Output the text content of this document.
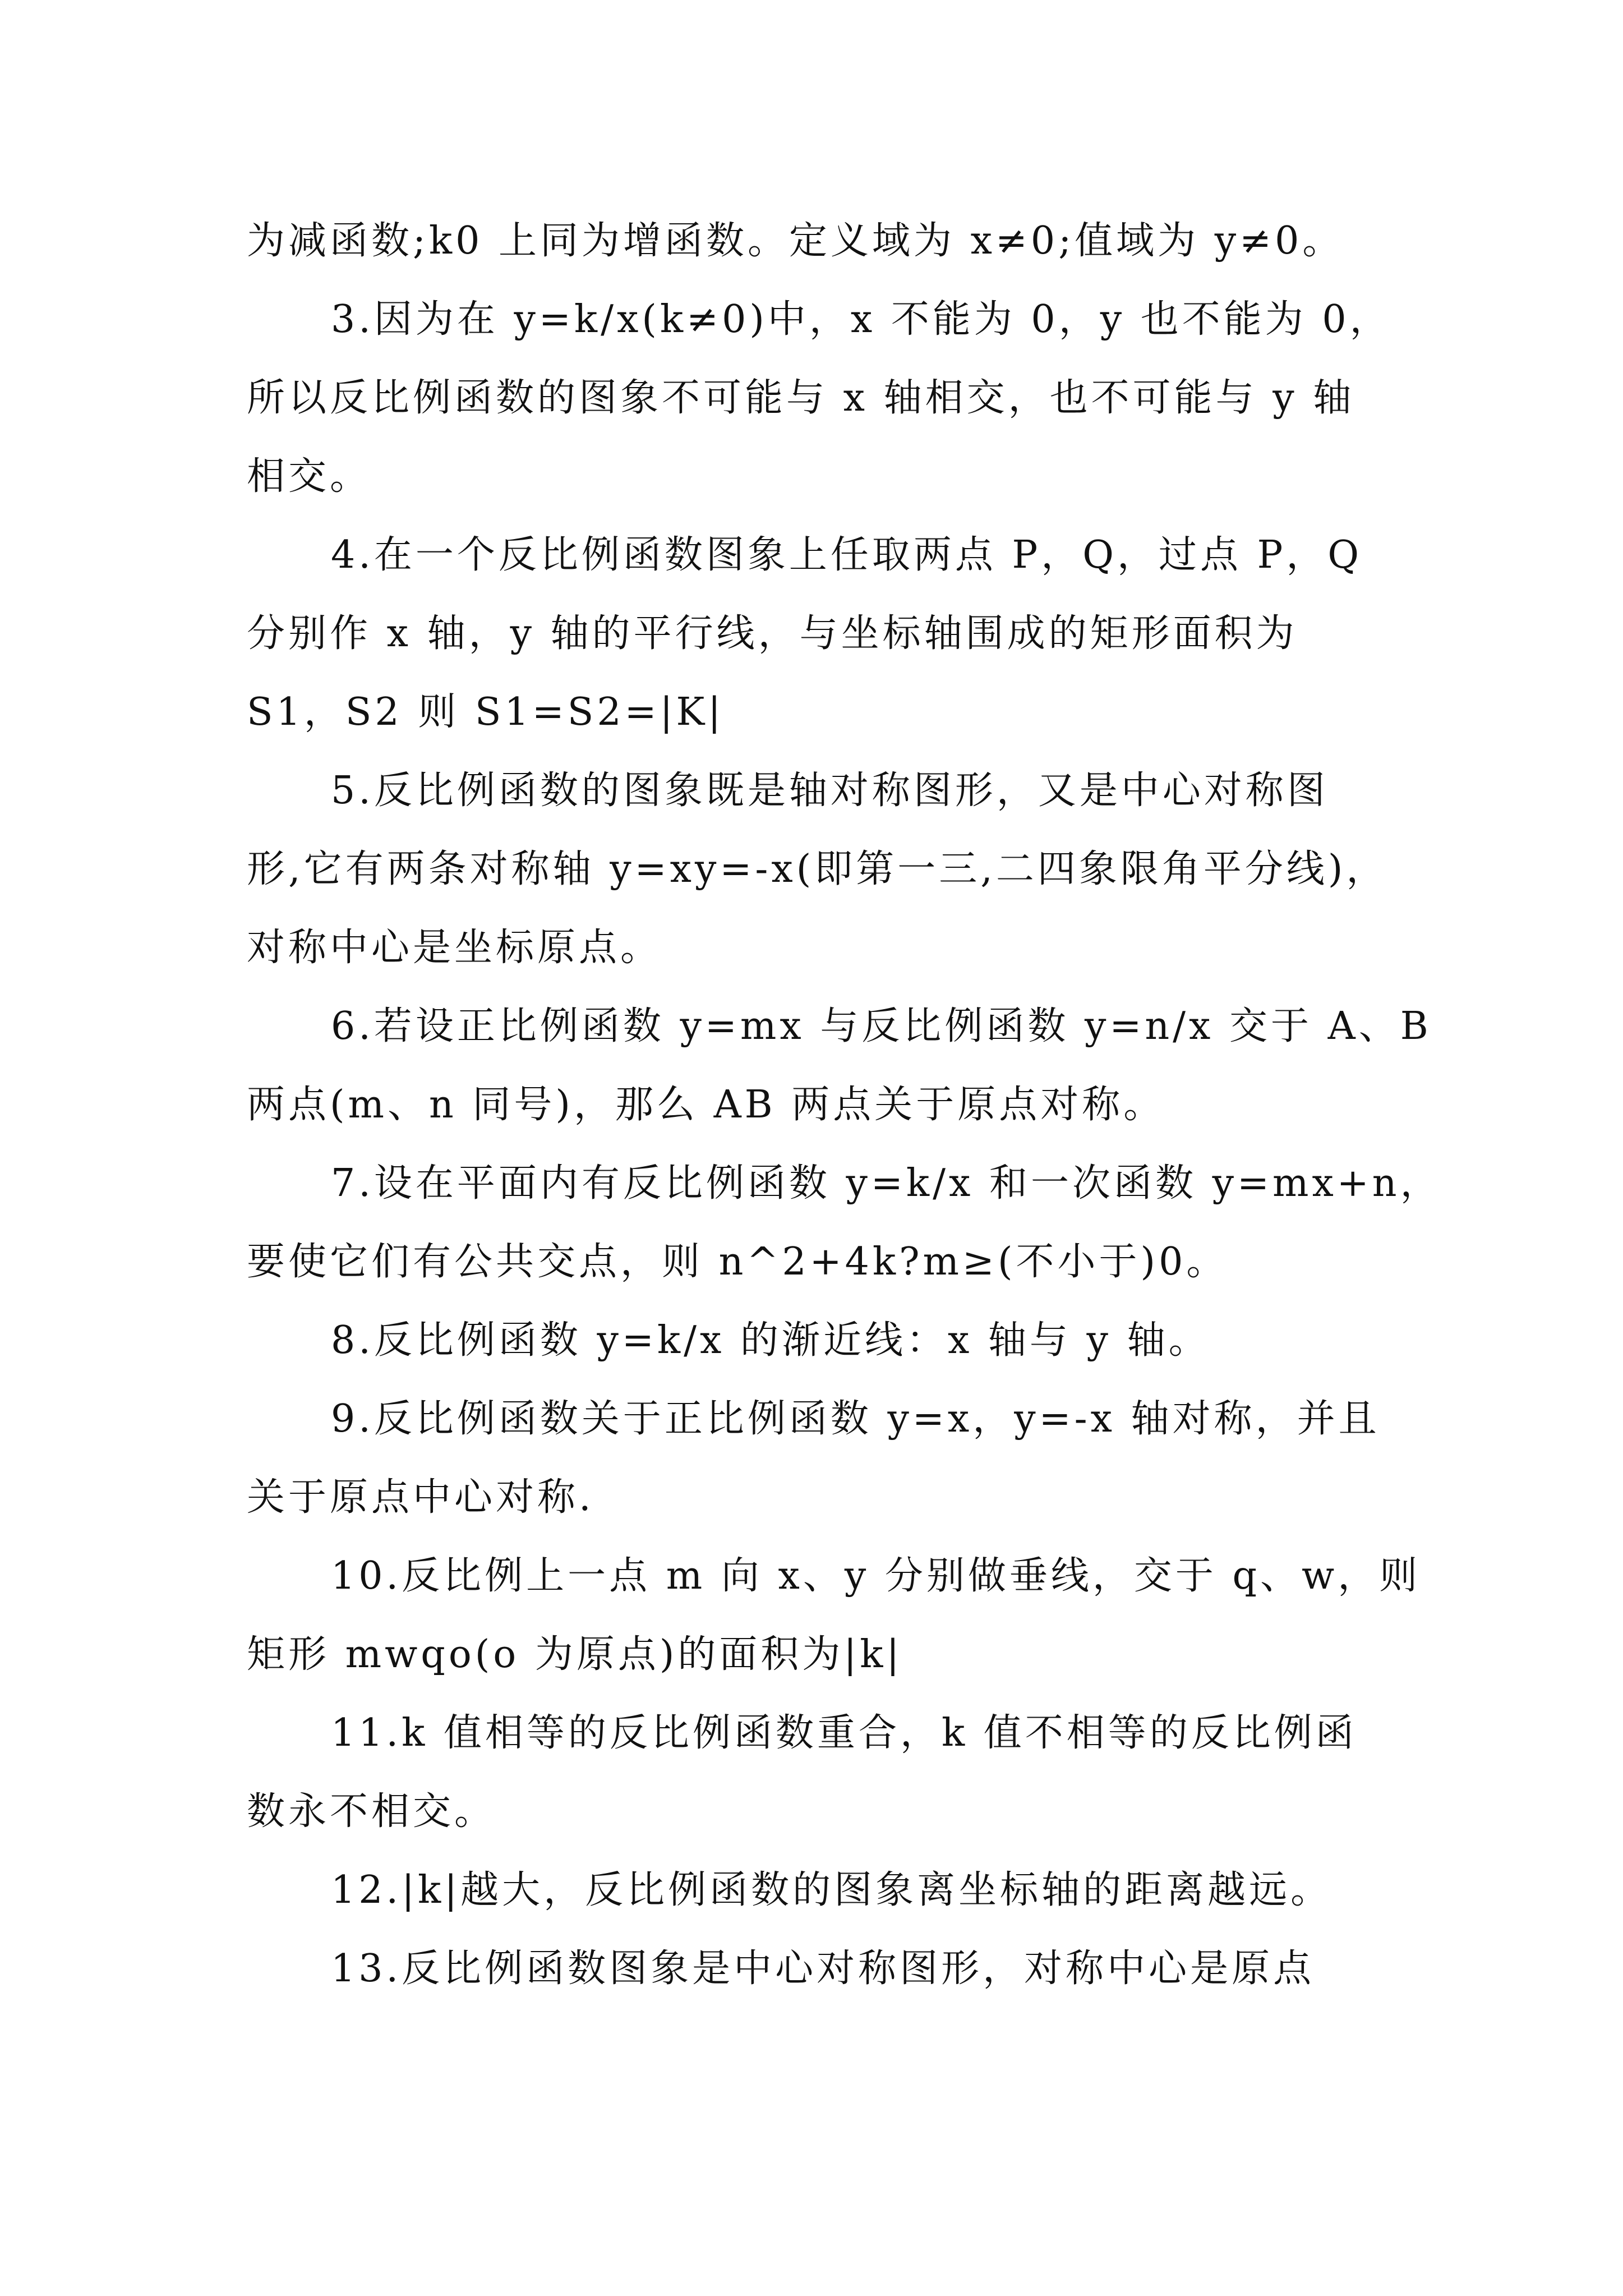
为减函数;k0 上同为增函数。定义域为 x≠0;值域为 y≠0。
3.因为在 y=k/x(k≠0)中，x 不能为 0，y 也不能为 0，
所以反比例函数的图象不可能与 x 轴相交，也不可能与 y 轴
相交。
4.在一个反比例函数图象上任取两点 P，Q，过点 P，Q
分别作 x 轴，y 轴的平行线，与坐标轴围成的矩形面积为
S1，S2 则 S1=S2=|K|
5.反比例函数的图象既是轴对称图形，又是中心对称图
形,它有两条对称轴 y=xy=-x(即第一三,二四象限角平分线)，
对称中心是坐标原点。
6.若设正比例函数 y=mx 与反比例函数 y=n/x 交于 A、B
两点(m、n 同号)，那么 AB 两点关于原点对称。
7.设在平面内有反比例函数 y=k/x 和一次函数 y=mx+n，
要使它们有公共交点，则 n^2+4k?m≥(不小于)0。
8.反比例函数 y=k/x 的渐近线：x 轴与 y 轴。
9.反比例函数关于正比例函数 y=x，y=-x 轴对称，并且
关于原点中心对称.
10.反比例上一点 m 向 x、y 分别做垂线，交于 q、w，则
矩形 mwqo(o 为原点)的面积为|k|
11.k 值相等的反比例函数重合，k 值不相等的反比例函
数永不相交。
12.|k|越大，反比例函数的图象离坐标轴的距离越远。
13.反比例函数图象是中心对称图形，对称中心是原点
